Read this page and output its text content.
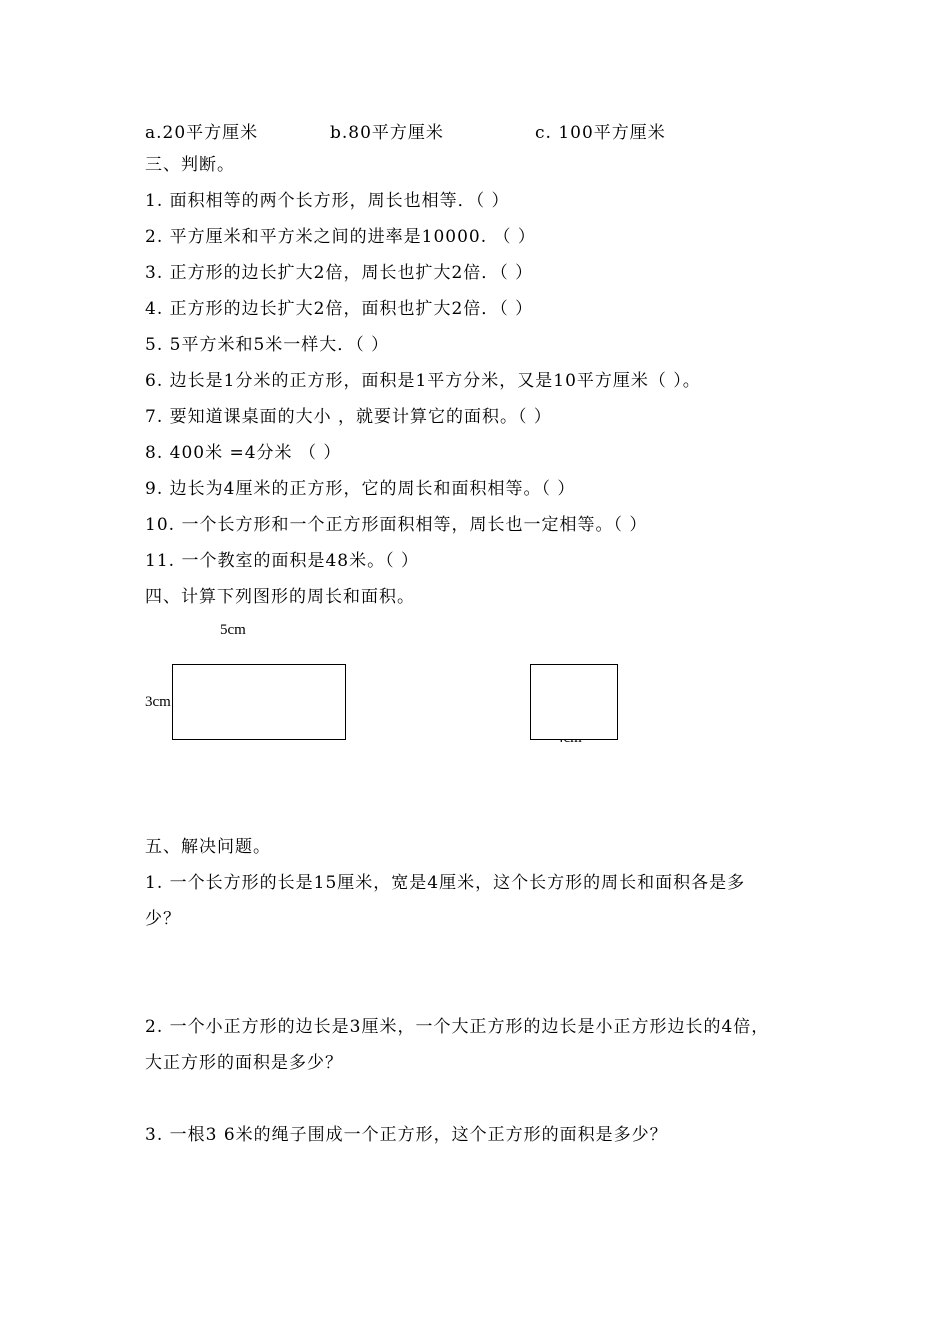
a.20平方厘米	b.80平方厘米	c. 100平方厘米
三、判断。
1. 面积相等的两个长方形，周长也相等．（ ）
2. 平方厘米和平方米之间的进率是10000. （ ）
3. 正方形的边长扩大2倍，周长也扩大2倍．（ ）
4. 正方形的边长扩大2倍，面积也扩大2倍．（ ）
5. 5平方米和5米一样大．（ ）
6. 边长是1分米的正方形，面积是1平方分米，又是10平方厘米（ ）。
7. 要知道课桌面的大小 ，就要计算它的面积。（ ）
8. 400米 =4分米 （ ）
9. 边长为4厘米的正方形，它的周长和面积相等。（ ）
10. 一个长方形和一个正方形面积相等，周长也一定相等。（ ）
11. 一个教室的面积是48米。（ ）
四、计算下列图形的周长和面积。
5cm
3cm
五、解决问题。
1. 一个长方形的长是15厘米，宽是4厘米，这个长方形的周长和面积各是多
少？
2. 一个小正方形的边长是3厘米，一个大正方形的边长是小正方形边长的4倍，
大正方形的面积是多少？
3. 一根3 6米的绳子围成一个正方形，这个正方形的面积是多少？
